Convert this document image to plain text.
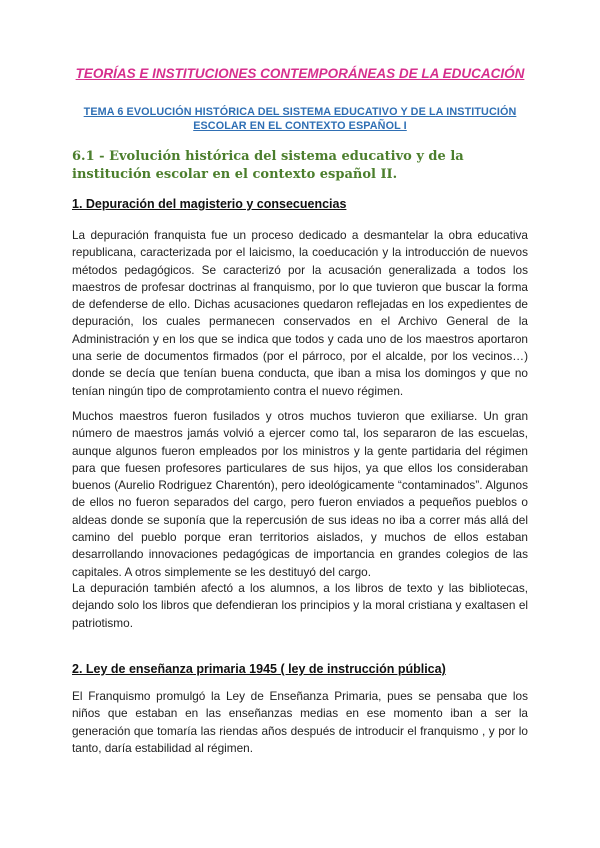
TEORÍAS E INSTITUCIONES CONTEMPORÁNEAS DE LA EDUCACIÓN
TEMA 6 EVOLUCIÓN HISTÓRICA DEL SISTEMA EDUCATIVO Y DE LA INSTITUCIÓN ESCOLAR EN EL CONTEXTO ESPAÑOL I
6.1 - Evolución histórica del sistema educativo y de la institución escolar en el contexto español II.
1. Depuración del magisterio y consecuencias

La depuración franquista fue un proceso dedicado a desmantelar la obra educativa republicana, caracterizada por el laicismo, la coeducación y la introducción de nuevos métodos pedagógicos. Se caracterizó por la acusación generalizada a todos los maestros de profesar doctrinas al franquismo, por lo que tuvieron que buscar la forma de defenderse de ello. Dichas acusaciones quedaron reflejadas en los expedientes de depuración, los cuales permanecen conservados en el Archivo General de la Administración y en los que se indica que todos y cada uno de los maestros aportaron una serie de documentos firmados (por el párroco, por el alcalde, por los vecinos…) donde se decía que tenían buena conducta, que iban a misa los domingos y que no tenían ningún tipo de comprotamiento contra el nuevo régimen.

Muchos maestros fueron fusilados y otros muchos tuvieron que exiliarse. Un gran número de maestros jamás volvió a ejercer como tal, los separaron de las escuelas, aunque algunos fueron empleados por los ministros y la gente partidaria del régimen para que fuesen profesores particulares de sus hijos, ya que ellos los consideraban buenos (Aurelio Rodriguez Charentón), pero ideológicamente “contaminados”. Algunos de ellos no fueron separados del cargo, pero fueron enviados a pequeños pueblos o aldeas donde se suponía que la repercusión de sus ideas no iba a correr más allá del camino del pueblo porque eran territorios aislados, y muchos de ellos estaban desarrollando innovaciones pedagógicas de importancia en grandes colegios de las capitales. A otros simplemente se les destituyó del cargo.

La depuración también afectó a los alumnos, a los libros de texto y las bibliotecas, dejando solo los libros que defendieran los principios y la moral cristiana y exaltasen el patriotismo.

2. Ley de enseñanza primaria 1945 ( ley de instrucción pública)

El Franquismo promulgó la Ley de Enseñanza Primaria, pues se pensaba que los niños que estaban en las enseñanzas medias en ese momento iban a ser la generación que tomaría las riendas años después de introducir el franquismo , y por lo tanto, daría estabilidad al régimen.
